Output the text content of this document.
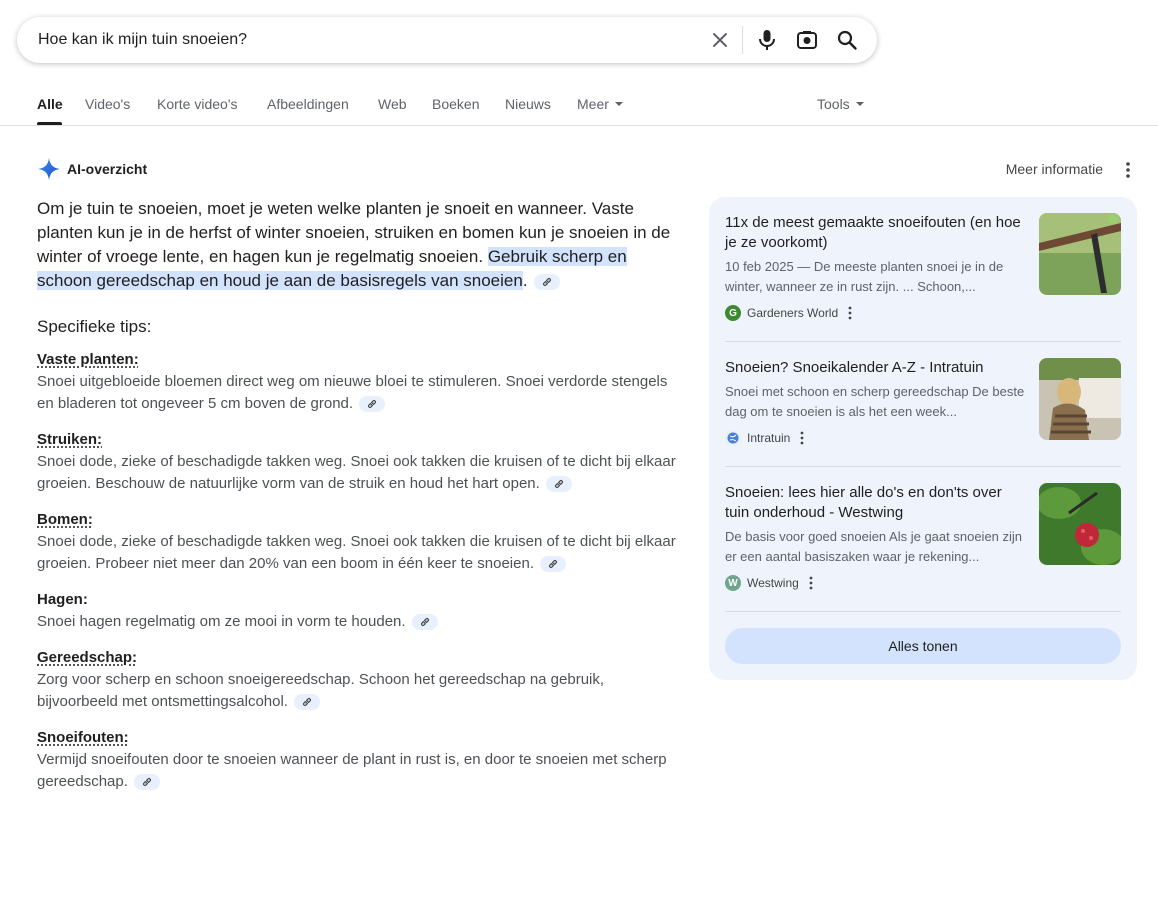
Hoe kan ik mijn tuin snoeien?
Alle Video's Korte video's Afbeeldingen Web Boeken Nieuws Meer	Tools
AI-overzicht	Meer informatie

Om je tuin te snoeien, moet je weten welke planten je snoeit en wanneer. Vaste planten kun je in de herfst of winter snoeien, struiken en bomen kun je snoeien in de winter of vroege lente, en hagen kun je regelmatig snoeien. Gebruik scherp en schoon gereedschap en houd je aan de basisregels van snoeien.

Specifieke tips:
Vaste planten:
Snoei uitgebloeide bloemen direct weg om nieuwe bloei te stimuleren. Snoei verdorde stengels en bladeren tot ongeveer 5 cm boven de grond.
Struiken:
Snoei dode, zieke of beschadigde takken weg. Snoei ook takken die kruisen of te dicht bij elkaar groeien. Beschouw de natuurlijke vorm van de struik en houd het hart open.
Bomen:
Snoei dode, zieke of beschadigde takken weg. Snoei ook takken die kruisen of te dicht bij elkaar groeien. Probeer niet meer dan 20% van een boom in één keer te snoeien.
Hagen:
Snoei hagen regelmatig om ze mooi in vorm te houden.
Gereedschap:
Zorg voor scherp en schoon snoeigereedschap. Schoon het gereedschap na gebruik, bijvoorbeeld met ontsmettingsalcohol.
Snoeifouten:
Vermijd snoeifouten door te snoeien wanneer de plant in rust is, en door te snoeien met scherp gereedschap.
11x de meest gemaakte snoeifouten (en hoe je ze voorkomt)
10 feb 2025 — De meeste planten snoei je in de winter, wanneer ze in rust zijn. ... Schoon,...
G Gardeners World
Snoeien? Snoeikalender A-Z - Intratuin
Snoei met schoon en scherp gereedschap De beste dag om te snoeien is als het een week...
Intratuin
Snoeien: lees hier alle do's en don'ts over tuin onderhoud - Westwing
De basis voor goed snoeien Als je gaat snoeien zijn er een aantal basiszaken waar je rekening...
W Westwing
Alles tonen
